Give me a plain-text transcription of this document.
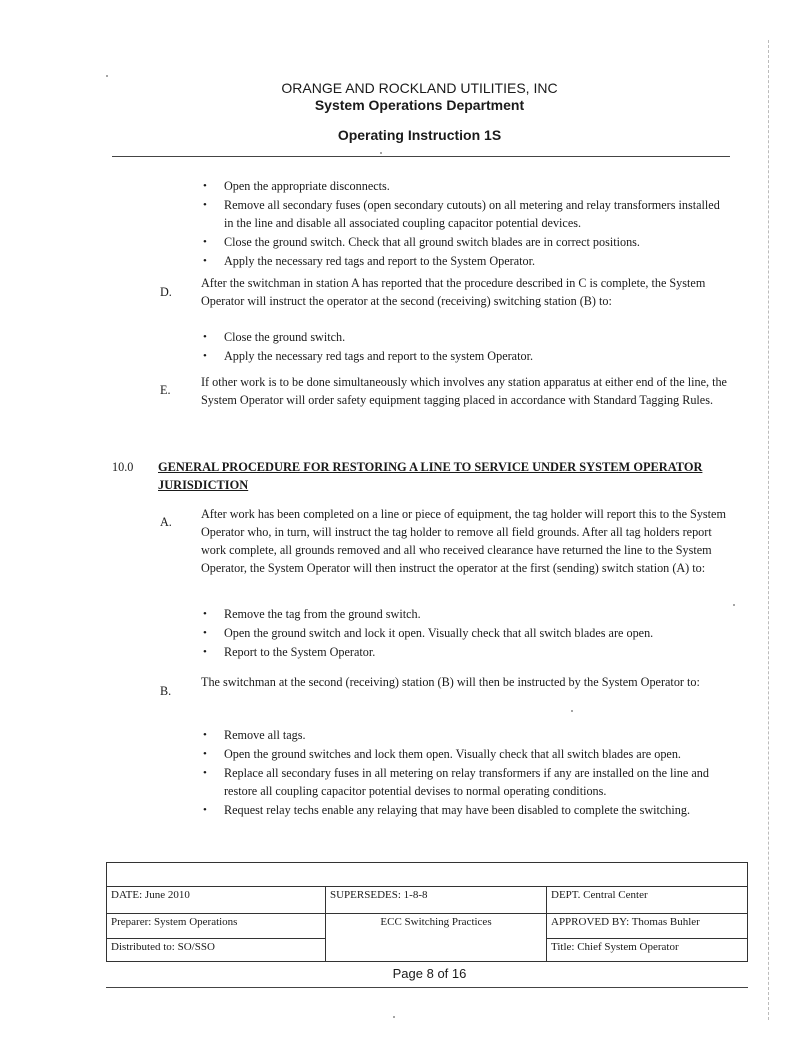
ORANGE AND ROCKLAND UTILITIES, INC
System Operations Department
Operating Instruction 1S
• Open the appropriate disconnects.
• Remove all secondary fuses (open secondary cutouts) on all metering and relay transformers installed in the line and disable all associated coupling capacitor potential devices.
• Close the ground switch. Check that all ground switch blades are in correct positions.
• Apply the necessary red tags and report to the System Operator.
D.
After the switchman in station A has reported that the procedure described in C is complete, the System Operator will instruct the operator at the second (receiving) switching station (B) to:
• Close the ground switch.
• Apply the necessary red tags and report to the system Operator.
E.
If other work is to be done simultaneously which involves any station apparatus at either end of the line, the System Operator will order safety equipment tagging placed in accordance with Standard Tagging Rules.
10.0 GENERAL PROCEDURE FOR RESTORING A LINE TO SERVICE UNDER SYSTEM OPERATOR JURISDICTION
A.
After work has been completed on a line or piece of equipment, the tag holder will report this to the System Operator who, in turn, will instruct the tag holder to remove all field grounds. After all tag holders report work complete, all grounds removed and all who received clearance have returned the line to the System Operator, the System Operator will then instruct the operator at the first (sending) switch station (A) to:
• Remove the tag from the ground switch.
• Open the ground switch and lock it open. Visually check that all switch blades are open.
• Report to the System Operator.
B.
The switchman at the second (receiving) station (B) will then be instructed by the System Operator to:
• Remove all tags.
• Open the ground switches and lock them open. Visually check that all switch blades are open.
• Replace all secondary fuses in all metering on relay transformers if any are installed on the line and restore all coupling capacitor potential devises to normal operating conditions.
• Request relay techs enable any relaying that may have been disabled to complete the switching.

DATE: June 2010	SUPERSEDES: 1-8-8	DEPT. Central Center
Preparer: System Operations	ECC Switching Practices	APPROVED BY: Thomas Buhler
Distributed to: SO/SSO		Title: Chief System Operator
Page 8 of 16
